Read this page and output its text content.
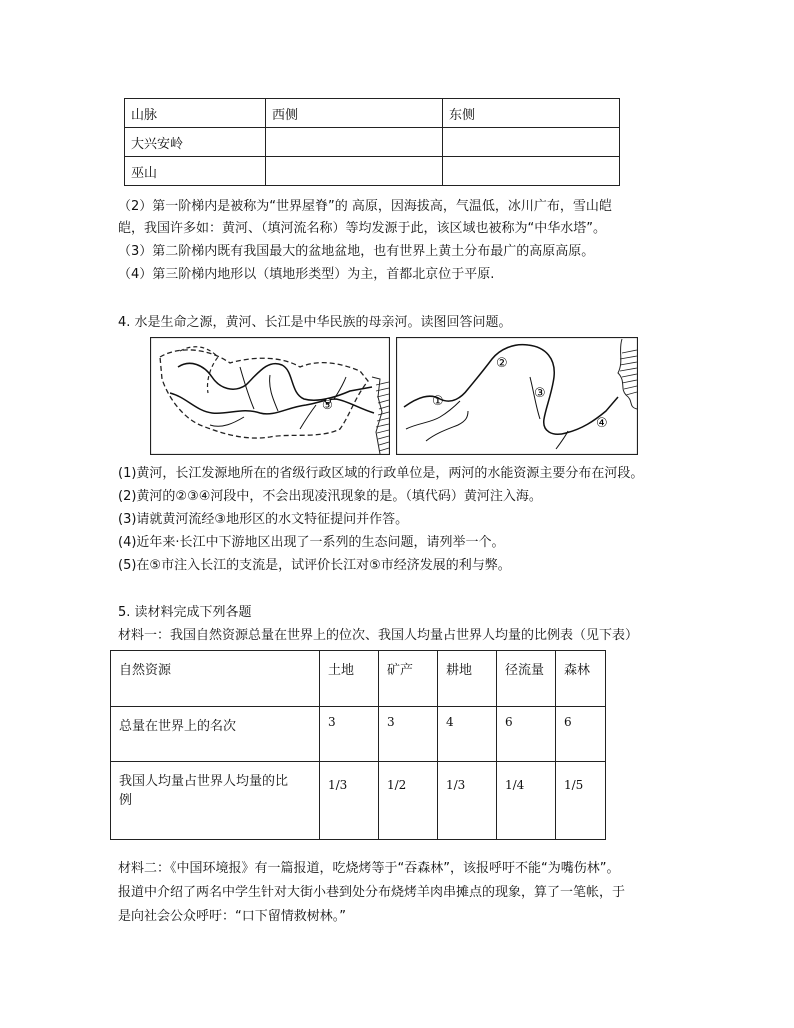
山脉	西侧	东侧
大兴安岭		
巫山		
（2）第一阶梯内是被称为“世界屋脊”的 高原，因海拔高，气温低，冰川广布，雪山皑
皑，我国许多如：黄河、（填河流名称）等均发源于此，该区域也被称为“中华水塔”。
（3）第二阶梯内既有我国最大的盆地盆地，也有世界上黄土分布最广的高原高原。
（4）第三阶梯内地形以（填地形类型）为主，首都北京位于平原.
4. 水是生命之源，黄河、长江是中华民族的母亲河。读图回答问题。
⑤	①
②
③
④
(1)黄河，长江发源地所在的省级行政区域的行政单位是，两河的水能资源主要分布在河段。
(2)黄河的②③④河段中，不会出现凌汛现象的是。（填代码）黄河注入海。
(3)请就黄河流经③地形区的水文特征提问并作答。
(4)近年来·长江中下游地区出现了一系列的生态问题，请列举一个。
(5)在⑤市注入长江的支流是，试评价长江对⑤市经济发展的利与弊。
5. 读材料完成下列各题
材料一：我国自然资源总量在世界上的位次、我国人均量占世界人均量的比例表（见下表）
自然资源	土地	矿产	耕地	径流量	森林
总量在世界上的名次	3	3	4	6	6

我国人均量占世界人均量的比
例	1/3	1/2	1/3	1/4	1/5
材料二：《中国环境报》有一篇报道，吃烧烤等于“吞森林”，该报呼吁不能“为嘴伤林”。
报道中介绍了两名中学生针对大街小巷到处分布烧烤羊肉串摊点的现象，算了一笔帐，于
是向社会公众呼吁：“口下留情救树林。”
